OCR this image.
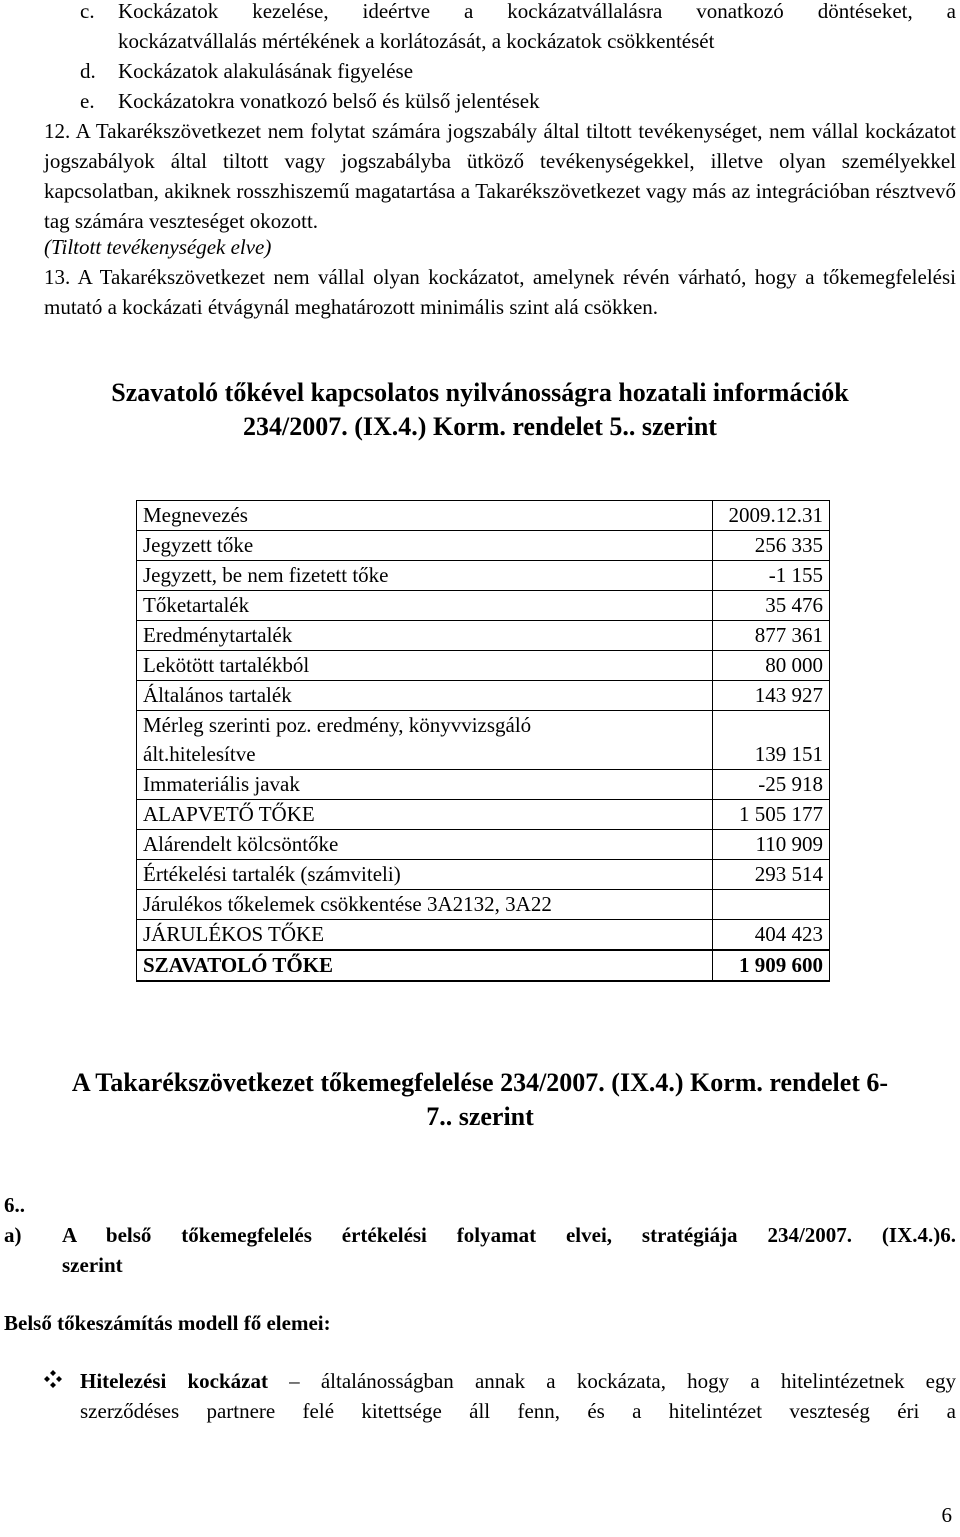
c.	Kockázatok kezelése, ideértve a kockázatvállalásra vonatkozó döntéseket, a
kockázatvállalás mértékének a korlátozását, a kockázatok csökkentését
d. Kockázatok alakulásának figyelése
e. Kockázatokra vonatkozó belső és külső jelentések
12. A Takarékszövetkezet nem folytat számára jogszabály által tiltott tevékenységet, nem vállal kockázatot jogszabályok által tiltott vagy jogszabályba ütköző tevékenységekkel, illetve olyan személyekkel kapcsolatban, akiknek rosszhiszemű magatartása a Takarékszövetkezet vagy más az integrációban résztvevő tag számára veszteséget okozott.
(Tiltott tevékenységek elve)
13. A Takarékszövetkezet nem vállal olyan kockázatot, amelynek révén várható, hogy a tőkemegfelelési mutató a kockázati étvágynál meghatározott minimális szint alá csökken.
Szavatoló tőkével kapcsolatos nyilvánosságra hozatali információk
234/2007. (IX.4.) Korm. rendelet 5.. szerint
Megnevezés	2009.12.31
Jegyzett tőke	256 335
Jegyzett, be nem fizetett tőke	-1 155
Tőketartalék	35 476
Eredménytartalék	877 361
Lekötött tartalékból	80 000
Általános tartalék	143 927

Mérleg szerinti poz. eredmény, könyvvizsgáló
ált.hitelesítve	139 151
Immateriális javak	-25 918
ALAPVETŐ TŐKE	1 505 177
Alárendelt kölcsöntőke	110 909
Értékelési tartalék (számviteli)	293 514
Járulékos tőkelemek csökkentése 3A2132, 3A22	
JÁRULÉKOS TŐKE	404 423
SZAVATOLÓ TŐKE	1 909 600
A Takarékszövetkezet tőkemegfelelése 234/2007. (IX.4.) Korm. rendelet 6-
7.. szerint
6..
a) A belső tőkemegfelelés értékelési folyamat elvei, stratégiája 234/2007. (IX.4.)6.
szerint
Belső tőkeszámítás modell fő elemei:
Hitelezési kockázat – általánosságban annak a kockázata, hogy a hitelintézetnek egy
szerződéses partnere felé kitettsége áll fenn, és a hitelintézet veszteség éri a
6
